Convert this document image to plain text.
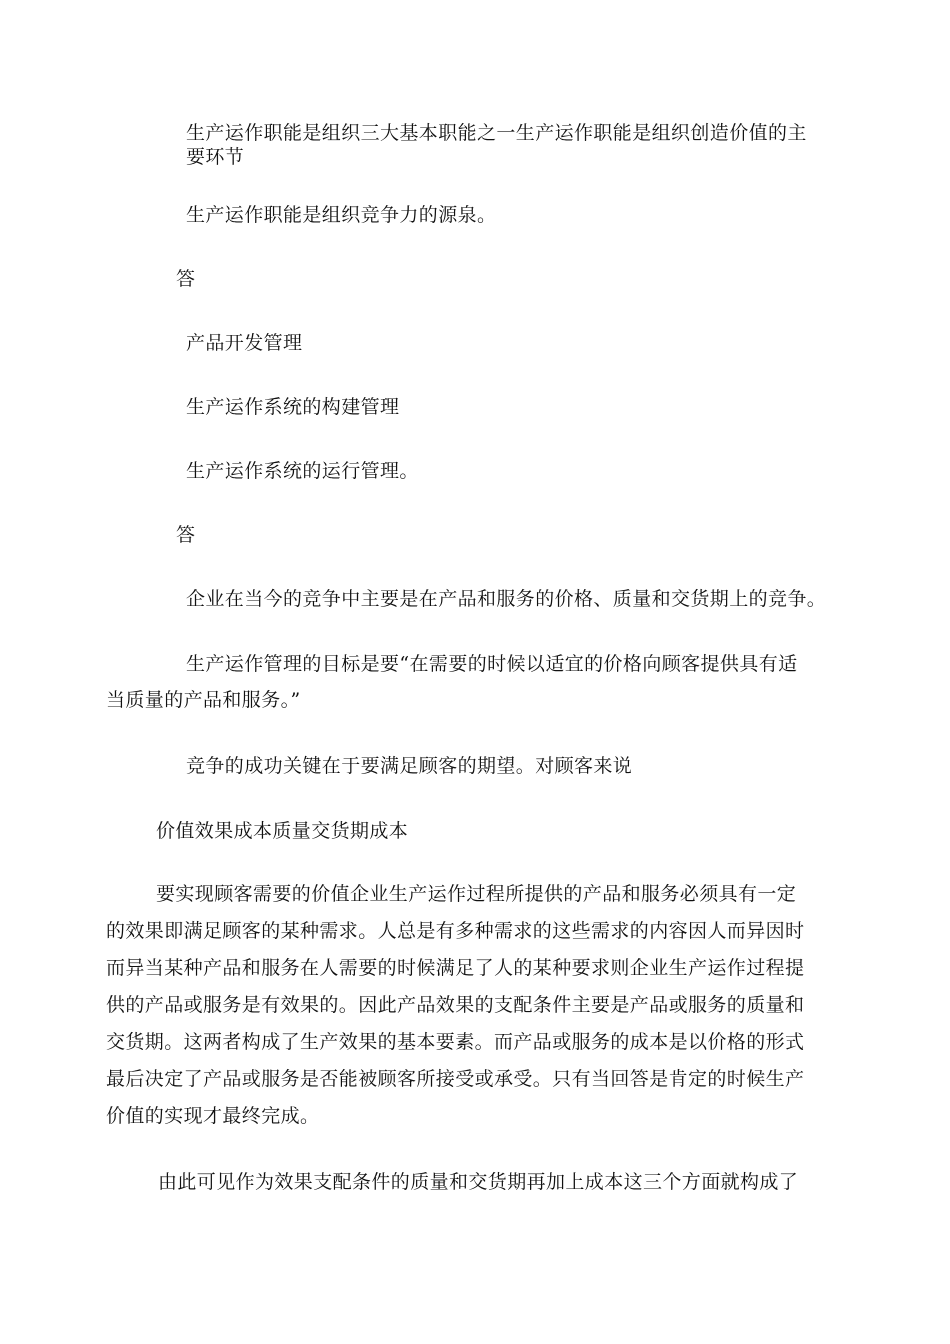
生产运作职能是组织三大基本职能之一生产运作职能是组织创造价值的主
要环节
生产运作职能是组织竞争力的源泉。
答
产品开发管理
生产运作系统的构建管理
生产运作系统的运行管理。
答
企业在当今的竞争中主要是在产品和服务的价格、质量和交货期上的竞争。
生产运作管理的目标是要“在需要的时候以适宜的价格向顾客提供具有适
当质量的产品和服务。”
竞争的成功关键在于要满足顾客的期望。对顾客来说
价值效果成本质量交货期成本
要实现顾客需要的价值企业生产运作过程所提供的产品和服务必须具有一定
的效果即满足顾客的某种需求。人总是有多种需求的这些需求的内容因人而异因时
而异当某种产品和服务在人需要的时候满足了人的某种要求则企业生产运作过程提
供的产品或服务是有效果的。因此产品效果的支配条件主要是产品或服务的质量和
交货期。这两者构成了生产效果的基本要素。而产品或服务的成本是以价格的形式
最后决定了产品或服务是否能被顾客所接受或承受。只有当回答是肯定的时候生产
价值的实现才最终完成。
由此可见作为效果支配条件的质量和交货期再加上成本这三个方面就构成了
